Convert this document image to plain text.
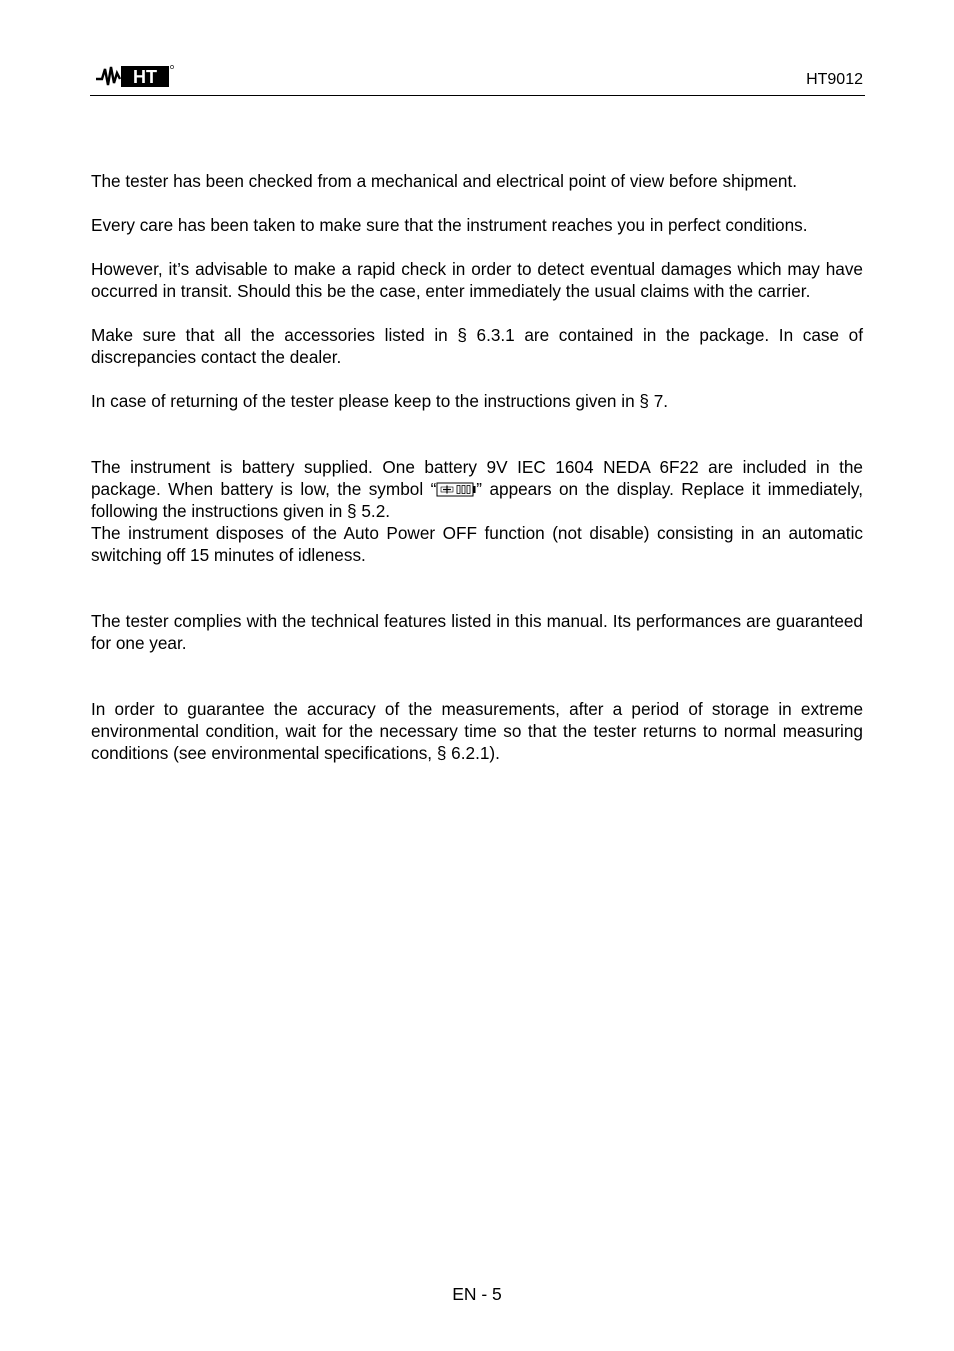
HT	HT9012

The tester has been checked from a mechanical and electrical point of view before shipment.

Every care has been taken to make sure that the instrument reaches you in perfect conditions.

However, it’s advisable to make a rapid check in order to detect eventual damages which may have occurred in transit. Should this be the case, enter immediately the usual claims with the carrier.

Make sure that all the accessories listed in § 6.3.1 are contained in the package. In case of discrepancies contact the dealer.

In case of returning of the tester please keep to the instructions given in § 7.

The instrument is battery supplied. One battery 9V IEC 1604 NEDA 6F22 are included in the package. When battery is low, the symbol “ ” appears on the display. Replace it immediately, following the instructions given in § 5.2.

The instrument disposes of the Auto Power OFF function (not disable) consisting in an automatic switching off 15 minutes of idleness.

The tester complies with the technical features listed in this manual. Its performances are guaranteed for one year.

In order to guarantee the accuracy of the measurements, after a period of storage in extreme environmental condition, wait for the necessary time so that the tester returns to normal measuring conditions (see environmental specifications, § 6.2.1).

EN - 5
